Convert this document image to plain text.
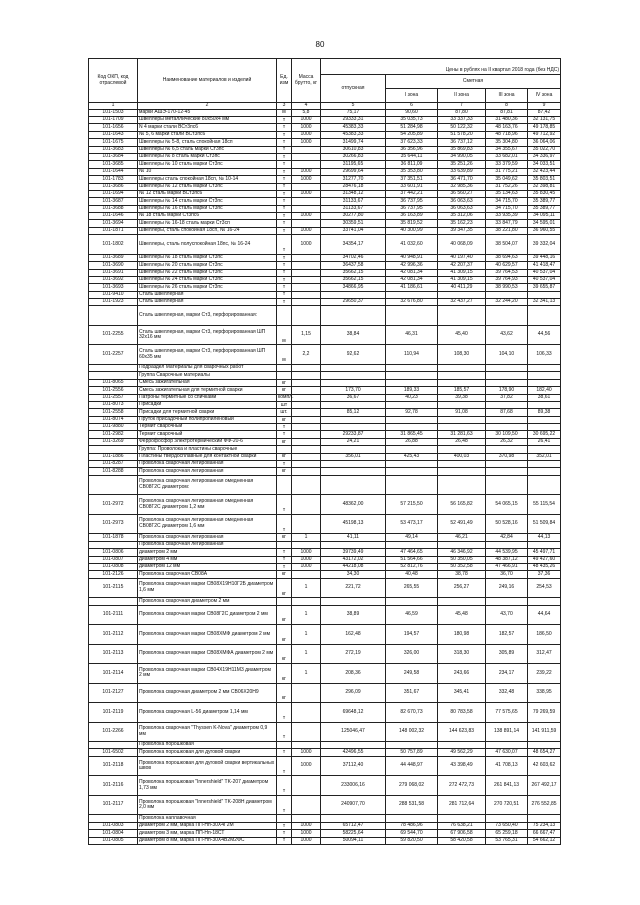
80
Код ОКП, код отраслевой	Наименование материалов и изделий	Ед. изм	Масса брутто, кг	Цены в рублях на II квартал 2018 года (без НДС)				
				отпускная	Сметная			
					I зона	II зона	III зона	IV зона
1	2	3	4	5	6	7	8	9
101-1503	марки АШЭ-170-12-45	м	5,8	75,17	90,60	87,80	87,81	87,42
101-1709	Швеллеры металлические 80х50х4 мм	т	1000	29333,31	35 035,73	33 337,33	31 480,36	32 131,75
101-1656	N 4 марки стали ВСт3пс6	т	1000	45383,33	51 284,98	50 122,32	48 163,76	49 178,85
101-1643	№ 5, 6 марки стали ВСт3пс6	т	1000	45383,33	54 205,89	51 578,20	48 718,96	49 712,92
101-1675	Швеллеры № 5-8, сталь спокойная 18сп	т	1000	31499,74	37 623,33	36 737,12	35 304,80	36 064,06
101-3683	Швеллеры № 6,5 сталь марки Ст3пс	т		30610,83	36 356,96	35 869,83	34 355,67	35 022,70
101-3684	Швеллеры № 8 сталь марки Ст3пс	т		30266,83	35 644,11	34 990,05	33 682,01	34 336,97
101-3685	Швеллеры № 10 сталь марки Ст3пс	т		31195,65	36 811,09	35 251,26	33 379,59	34 033,51
101-1644	№ 10	т	1000	29699,64	35 353,80	33 639,89	31 775,21	32 423,44
101-1783	Швеллеры сталь спокойная 18сп, № 10-14	т	1000	31277,70	37 351,51	36 471,70	35 049,62	35 803,51
101-3686	Швеллеры № 12 сталь марки Ст3пс	т		28476,18	33 601,91	32 985,36	31 752,26	32 398,81
101-1694	№ 12 сталь марки ВСт3пс6	т	1000	31348,12	37 442,21	36 560,27	35 134,63	35 830,45
101-3687	Швеллеры № 14 сталь марки Ст3пс	т		31133,67	36 737,95	36 063,63	34 715,70	35 389,77
101-3688	Швеллеры № 16 сталь марки Ст3пс	т		31133,67	36 737,95	36 063,63	34 715,70	35 389,77
101-1646	№ 18 сталь марки Ст3пс6	т	1000	30277,80	36 163,89	35 312,06	33 935,39	34 095,11
101-3694	Швеллеры № 16-18 сталь марки Ст3сп	т		30359,51	35 819,52	35 162,23	33 847,79	34 595,01
101-1871	Швеллеры, сталь спокойная 18сп, № 16-24	т	1000	33741,04	40 300,99	39 347,35	38 221,80	36 960,55
101-1802	Швеллеры, сталь полуспокойная 18пс, № 16-24	т	1000	34354,17	41 032,60	40 068,09	38 504,07	39 332,04
101-3689	Швеллеры № 18 сталь марки Ст3пс	т		34702,46	40 948,91	40 197,40	38 694,63	39 448,16
101-3690	Швеллеры № 20 сталь марки Ст3пс	т		36437,58	42 996,36	42 207,37	40 629,57	41 418,47
101-3691	Швеллеры № 22 сталь марки Ст3пс	т		35662,15	42 081,34	41 309,15	39 764,53	40 537,04
101-3692	Швеллеры № 24 сталь марки Ст3пс	т		35662,15	42 081,34	41 309,15	39 764,93	40 537,04
101-3693	Швеллеры № 26 сталь марки Ст3пс	т		34866,95	41 186,61	40 411,29	38 990,53	39 655,87
101-9410	Сталь швеллерная	т						
101-1923	Сталь швеллерная	т		29650,37	32 676,80	32 437,27	32 244,20	32 341,13
	Сталь швеллерная, марки Ст3, перфорированная:							
101-2255	Сталь швеллерная, марки Ст3, перфорированная ШП 32х16 мм	м	1,15	38,84	46,31	45,40	43,62	44,56
101-2257	Сталь швеллерная, марки Ст3, перфорированная ШП 60х35 мм	м	2,2	92,62	110,94	108,30	104,10	106,33
	Подраздел Материалы для сварочных работ							
	Группа Сварочные материалы							
101-8065	Смесь зажигательная	кг						
101-2556	Смесь зажигательная для термитной сварки	кг		173,70	189,33	185,57	178,90	182,40
101-2557	Патроны термитные со спичками	компл.		36,67	40,23	39,38	37,82	38,61
101-8073	Присадки	шт						
101-2558	Присадки для термитной сварки	шт.		85,12	92,78	91,08	87,68	89,38
101-8074	Пруток присадочный полипропиленовый	кг						
101-9880	Термит сварочный	т						
101-2982	Термит сварочный	т		29233,87	31 865,45	31 281,63	30 109,50	30 695,22
101-3269	Феррофосфор электротермический ФФ-20-6	кг		24,21	26,88	26,48	26,32	26,41
	Группа: Проволока и пластины сварочные							
101-1886	Пластины твердосплавные для контактной сварки	кг		356,01	425,43	400,03	370,98	352,01
101-8287	Проволока сварочная легированная	т						
101-8288	Проволока сварочная легированная	кг						
	Проволока сварочная легированная омедненная СВ08Г2С диаметром:							
101-2972	Проволока сварочная легированная омедненная СВ08Г2С диаметром 1,2 мм	т		48362,00	57 215,50	56 165,82	54 065,15	55 115,54
101-2973	Проволока сварочная легированная омедненная СВ08Г2С диаметром 1,6 мм	т		45198,13	53 473,17	52 491,49	50 528,16	51 509,84
101-1878	Проволока сварочная легированная	кг	1	41,11	49,14	46,21	42,84	44,13
	Проволока сварочная легированная							
101-0806	диаметром 2 мм	т	1000	39739,49	47 464,65	46 346,92	44 539,95	45 497,71
101-0807	диаметром 4 мм	т	1000	43172,02	51 564,66	50 350,05	48 387,12	49 427,60
101-0808	диаметром 12 мм	т	1000	44218,08	52 812,76	50 352,58	47 466,91	48 435,26
101-2126	Проволока сварочная СВ08А	кг		34,30	40,48	38,78	36,70	37,36
101-2115	Проволока сварочная марки СВ08Х19Н10Г2Б диаметром 1,6 мм	кг	1	221,72	265,55	256,27	249,16	254,53
	Проволока сварочная диаметром 2 мм							
101-2111	Проволока сварочная марки СВ08Г2С диаметром 2 мм	кг	1	38,89	46,59	45,48	43,70	44,64
101-2112	Проволока сварочная марки СВ08ХМФ диаметром 2 мм	кг	1	162,48	194,57	180,98	182,57	186,50
101-2113	Проволока сварочная марки СВ08ХМФА диаметром 2 мм	кг	1	272,19	326,00	318,30	305,89	312,47
101-2114	Проволока сварочная марки СВ04Х19Н11М3 диаметром 2 мм	кг	1	208,36	249,58	243,66	234,17	239,22
101-2127	Проволока сварочная диаметром 2 мм СВ06Х20Н9	кг		296,09	351,67	345,41	332,48	338,95
101-2119	Проволока сварочная L-56 диаметром 1,14 мм	т		69648,12	82 670,73	80 783,58	77 575,65	79 269,59
101-2266	Проволока сварочная "Thyssen K-Nova" диаметром 0,9 мм	т		125046,47	148 002,32	144 623,83	138 891,14	141 911,59
	Проволока порошковая							
101-6502	Проволока порошковая для дуговой сварки	т	1000	42496,55	50 757,89	49 562,29	47 630,07	48 654,27
101-2118	Проволока порошковая для дуговой сварки вертикальных швов	т	1000	37112,40	44 448,97	43 398,49	41 708,13	42 603,62
101-2116	Проволока порошковая "Innershield" TK-207 диаметром 1,73 мм	т		233006,16	279 068,02	272 472,73	261 841,13	267 492,17
101-2117	Проволока порошковая "Innershield" TK-208H диаметром 2,0 мм	т		240907,70	288 531,58	281 712,64	270 720,51	276 552,85
	Проволока наплавочная							
101-0803	диаметром 2 мм, марка ПП-Нп-30Х4Г2М	т	1000	65712,47	78 486,96	76 638,21	73 650,40	75 234,13
101-0804	диаметром 3 мм, марка ПП-Нп-18СТ	т	1000	58225,64	69 544,70	67 906,58	65 259,18	66 667,47
101-0805	диаметром 8 мм, марка ПП-Нп-30Х4В2М2ФС	т	1000	50094,11	59 820,50	58 420,58	53 765,31	54 662,12
